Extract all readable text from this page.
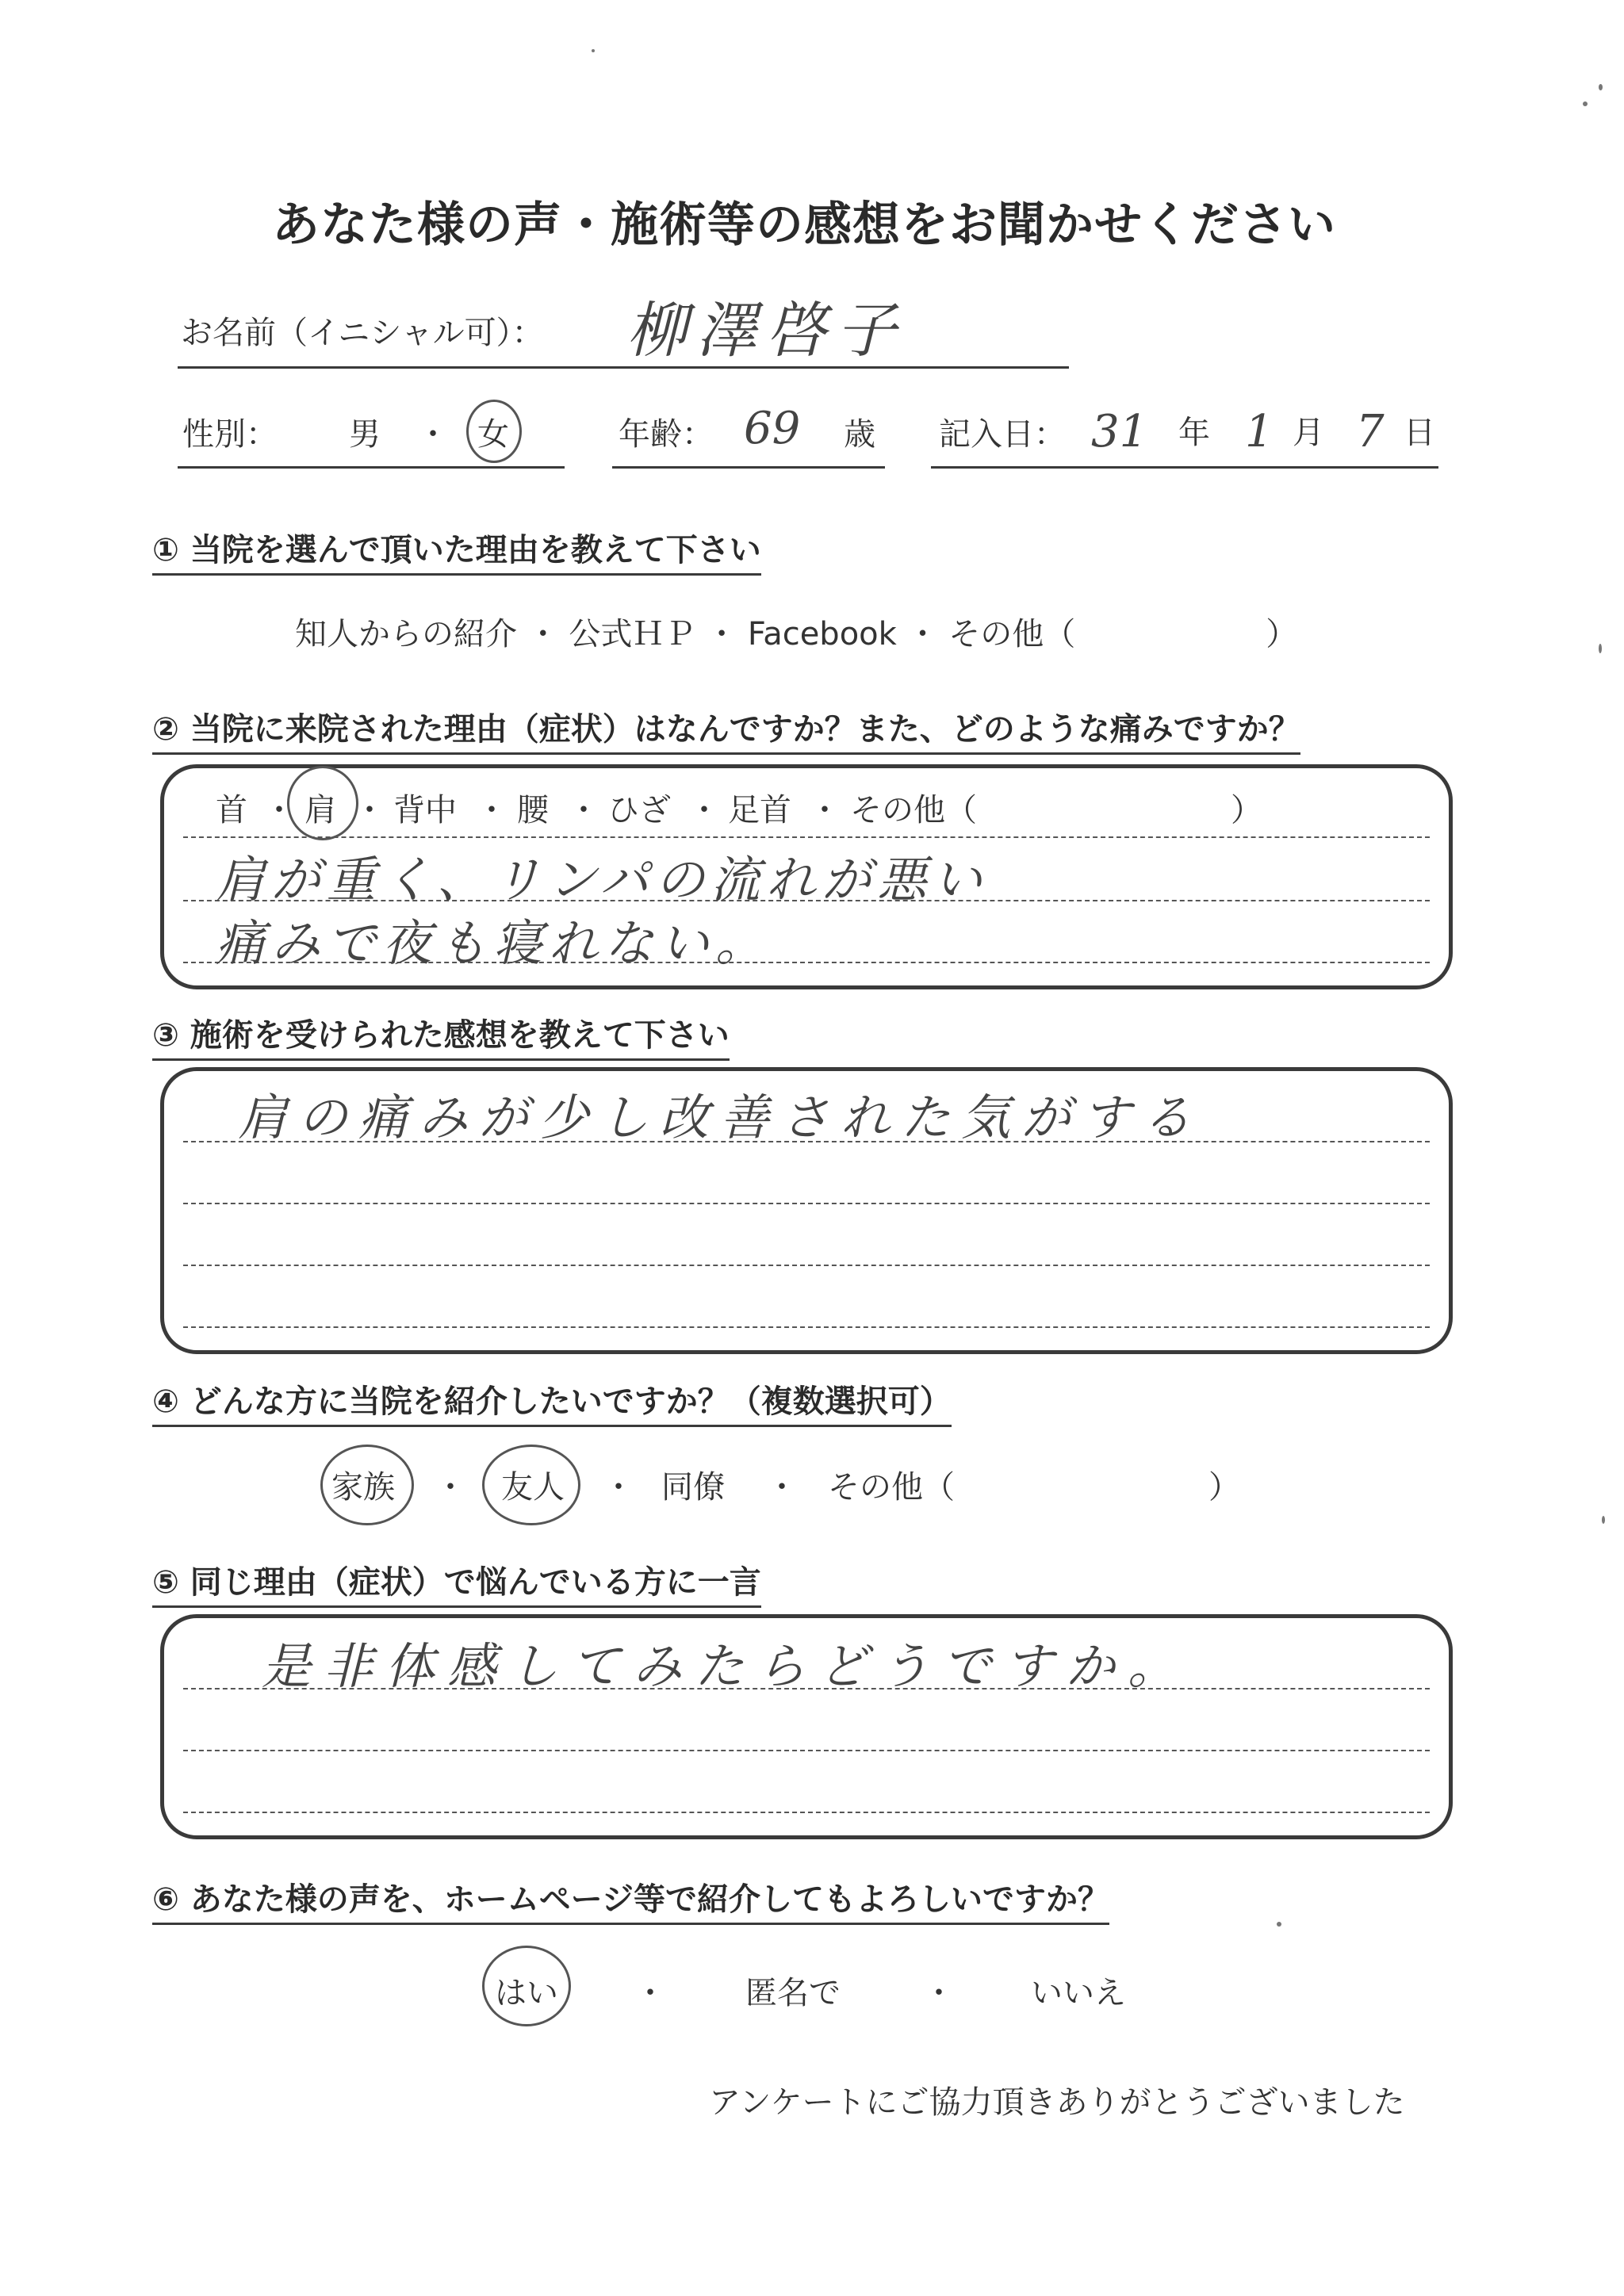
あなた様の声・施術等の感想をお聞かせください
お名前（イニシャル可）： 柳澤啓子
性別： 男 ・ 女	年齢： 69 歳 記入日： 31 年 1 月 7 日
① 当院を選んで頂いた理由を教えて下さい
知人からの紹介 ・ 公式ＨＰ ・ Facebook ・ その他（　　　　　　）
② 当院に来院された理由（症状）はなんですか？また、どのような痛みですか？
首 ・ 肩 ・ 背中 ・ 腰 ・ ひざ ・ 足首 ・ その他（　　　　　　　　）
肩が重く、リンパの流れが悪い
痛みで夜も寝れない。
③ 施術を受けられた感想を教えて下さい
肩の痛みが少し改善された気がする
④ どんな方に当院を紹介したいですか？（複数選択可）
家族 ・ 友人 ・ 同僚 ・ その他（　　　　　　　　）
⑤ 同じ理由（症状）で悩んでいる方に一言
是非体感してみたらどうですか。
⑥ あなた様の声を、ホームページ等で紹介してもよろしいですか？
はい ・	匿名で	・ いいえ
アンケートにご協力頂きありがとうございました
